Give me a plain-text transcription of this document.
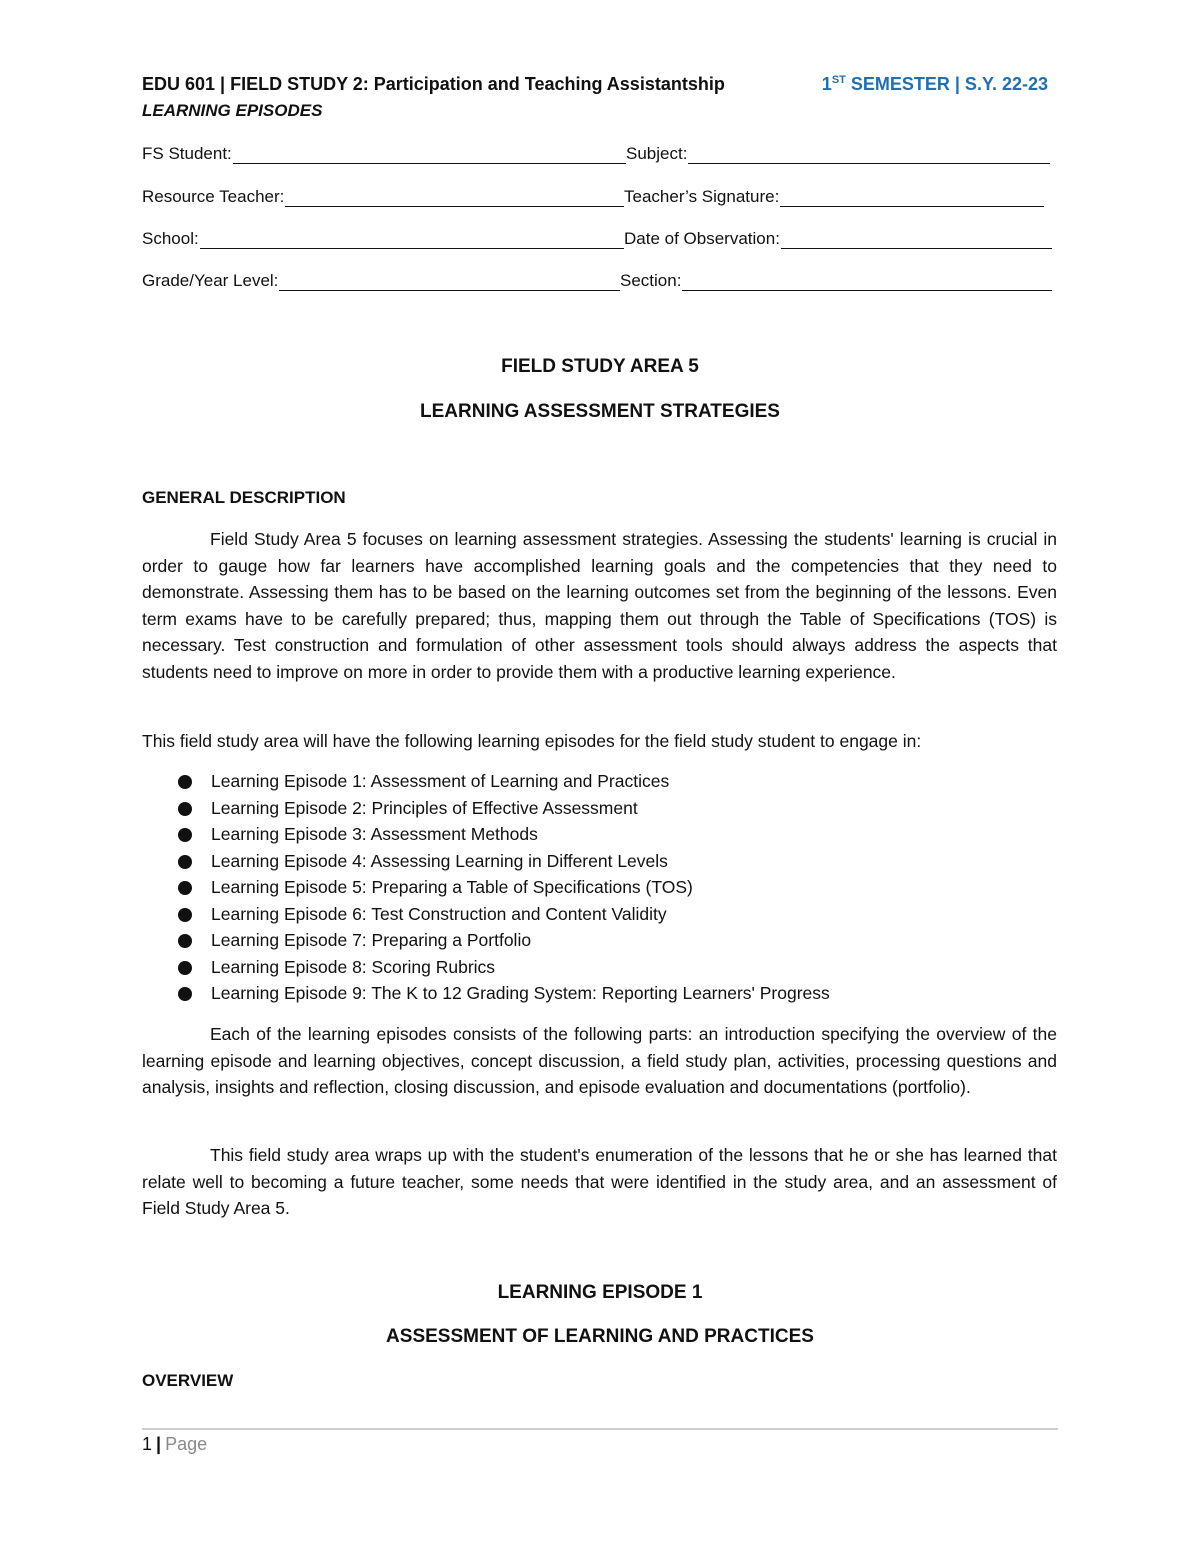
EDU 601 | FIELD STUDY 2: Participation and Teaching Assistantship	1ST SEMESTER | S.Y. 22-23
LEARNING EPISODES
FS Student:	Subject:
Resource Teacher:	Teacher’s Signature:
School:	Date of Observation:
Grade/Year Level:	Section:
FIELD STUDY AREA 5
LEARNING ASSESSMENT STRATEGIES
GENERAL DESCRIPTION
Field Study Area 5 focuses on learning assessment strategies. Assessing the students' learning is crucial in order to gauge how far learners have accomplished learning goals and the competencies that they need to demonstrate. Assessing them has to be based on the learning outcomes set from the beginning of the lessons. Even term exams have to be carefully prepared; thus, mapping them out through the Table of Specifications (TOS) is necessary. Test construction and formulation of other assessment tools should always address the aspects that students need to improve on more in order to provide them with a productive learning experience.
This field study area will have the following learning episodes for the field study student to engage in:
Learning Episode 1: Assessment of Learning and Practices
Learning Episode 2: Principles of Effective Assessment
Learning Episode 3: Assessment Methods
Learning Episode 4: Assessing Learning in Different Levels
Learning Episode 5: Preparing a Table of Specifications (TOS)
Learning Episode 6: Test Construction and Content Validity
Learning Episode 7: Preparing a Portfolio
Learning Episode 8: Scoring Rubrics
Learning Episode 9: The K to 12 Grading System: Reporting Learners' Progress
Each of the learning episodes consists of the following parts: an introduction specifying the overview of the learning episode and learning objectives, concept discussion, a field study plan, activities, processing questions and analysis, insights and reflection, closing discussion, and episode evaluation and documentations (portfolio).
This field study area wraps up with the student's enumeration of the lessons that he or she has learned that relate well to becoming a future teacher, some needs that were identified in the study area, and an assessment of Field Study Area 5.
LEARNING EPISODE 1
ASSESSMENT OF LEARNING AND PRACTICES
OVERVIEW
1 | Page
